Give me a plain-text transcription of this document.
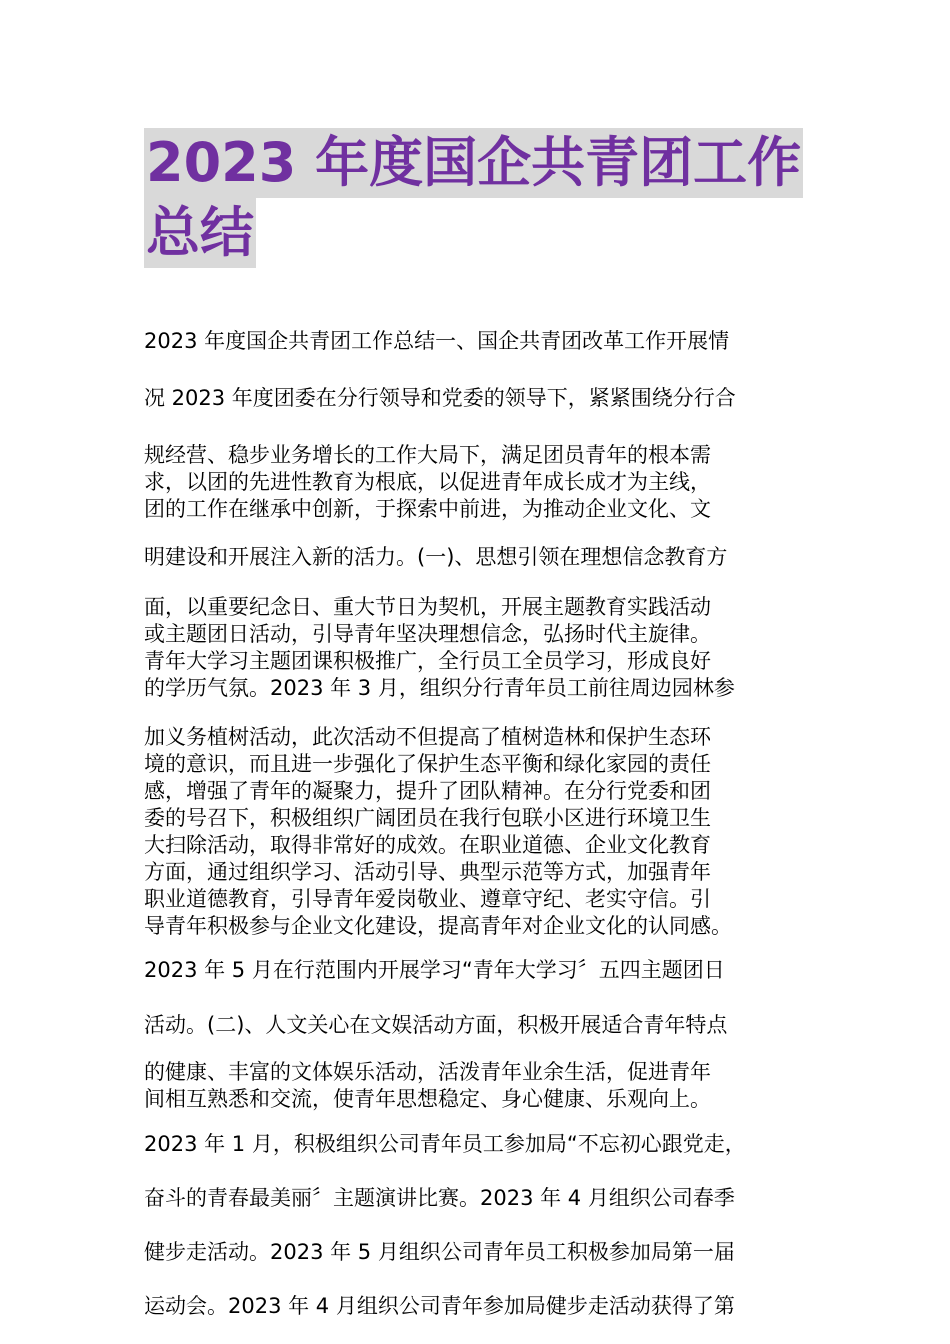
2023 年度国企共青团工作
总结
2023 年度国企共青团工作总结一、国企共青团改革工作开展情
况 2023 年度团委在分行领导和党委的领导下，紧紧围绕分行合
规经营、稳步业务增长的工作大局下，满足团员青年的根本需
求，以团的先进性教育为根底，以促进青年成长成才为主线，
团的工作在继承中创新，于探索中前进，为推动企业文化、文
明建设和开展注入新的活力。(一)、思想引领在理想信念教育方
面，以重要纪念日、重大节日为契机，开展主题教育实践活动
或主题团日活动，引导青年坚决理想信念，弘扬时代主旋律。
青年大学习主题团课积极推广，全行员工全员学习，形成良好
的学历气氛。2023 年 3 月，组织分行青年员工前往周边园林参
加义务植树活动，此次活动不但提高了植树造林和保护生态环
境的意识，而且进一步强化了保护生态平衡和绿化家园的责任
感，增强了青年的凝聚力，提升了团队精神。在分行党委和团
委的号召下，积极组织广阔团员在我行包联小区进行环境卫生
大扫除活动，取得非常好的成效。在职业道德、企业文化教育
方面，通过组织学习、活动引导、典型示范等方式，加强青年
职业道德教育，引导青年爱岗敬业、遵章守纪、老实守信。引
导青年积极参与企业文化建设，提高青年对企业文化的认同感。
2023 年 5 月在行范围内开展学习“青年大学习〞五四主题团日
活动。(二)、人文关心在文娱活动方面，积极开展适合青年特点
的健康、丰富的文体娱乐活动，活泼青年业余生活，促进青年
间相互熟悉和交流，使青年思想稳定、身心健康、乐观向上。
2023 年 1 月，积极组织公司青年员工参加局“不忘初心跟党走，
奋斗的青春最美丽〞主题演讲比赛。2023 年 4 月组织公司春季
健步走活动。2023 年 5 月组织公司青年员工积极参加局第一届
运动会。2023 年 4 月组织公司青年参加局健步走活动获得了第
